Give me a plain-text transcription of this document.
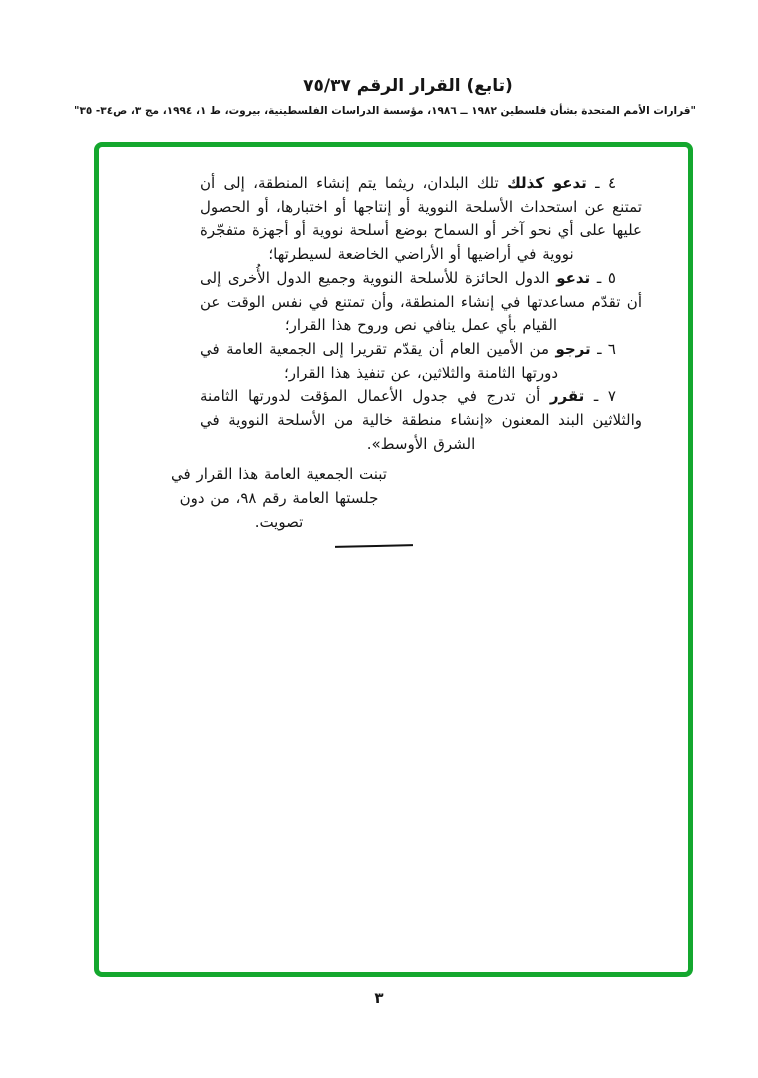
(تابع) القرار الرقم ٧٥/٣٧
"قرارات الأمم المتحدة بشأن فلسطين ١٩٨٢ ــ ١٩٨٦، مؤسسة الدراسات الفلسطينية، بيروت، ط ١، ١٩٩٤، مج ٣، ص٣٤- ٣٥"

٤ ـ تدعو كذلك تلك البلدان، ريثما يتم إنشاء المنطقة، إلى أن تمتنع عن استحداث الأسلحة النووية أو إنتاجها أو اختبارها، أو الحصول عليها على أي نحو آخر أو السماح بوضع أسلحة نووية أو أجهزة متفجّرة نووية في أراضيها أو الأراضي الخاضعة لسيطرتها؛

٥ ـ تدعو الدول الحائزة للأسلحة النووية وجميع الدول الأُخرى إلى أن تقدّم مساعدتها في إنشاء المنطقة، وأن تمتنع في نفس الوقت عن القيام بأي عمل ينافي نص وروح هذا القرار؛

٦ ـ ترجو من الأمين العام أن يقدّم تقريرا إلى الجمعية العامة في دورتها الثامنة والثلاثين، عن تنفيذ هذا القرار؛

٧ ـ تقرر أن تدرج في جدول الأعمال المؤقت لدورتها الثامنة والثلاثين البند المعنون «إنشاء منطقة خالية من الأسلحة النووية في الشرق الأوسط».

تبنت الجمعية العامة هذا القرار في جلستها العامة رقم ٩٨، من دون تصويت.

٣
